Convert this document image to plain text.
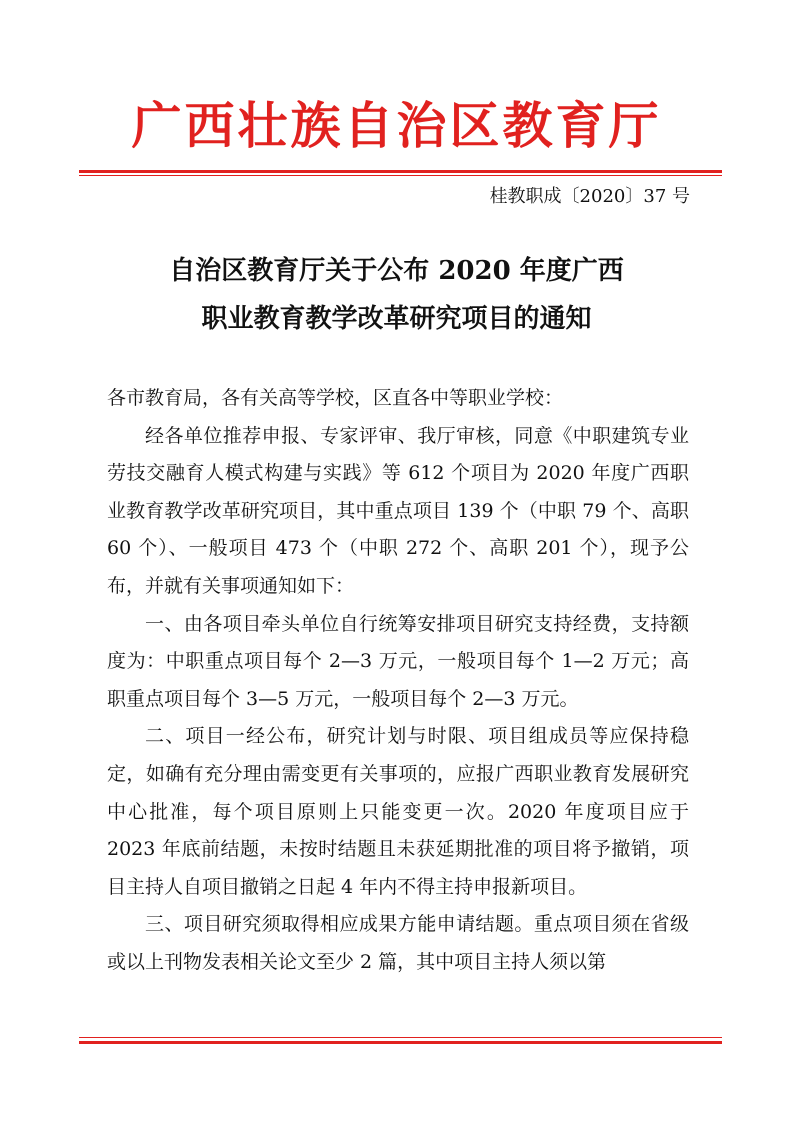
广西壮族自治区教育厅
桂教职成〔2020〕37 号
自治区教育厅关于公布 2020 年度广西
职业教育教学改革研究项目的通知

各市教育局，各有关高等学校，区直各中等职业学校：

经各单位推荐申报、专家评审、我厅审核，同意《中职建筑专业劳技交融育人模式构建与实践》等 612 个项目为 2020 年度广西职业教育教学改革研究项目，其中重点项目 139 个（中职 79 个、高职 60 个）、一般项目 473 个（中职 272 个、高职 201 个），现予公布，并就有关事项通知如下：

一、由各项目牵头单位自行统筹安排项目研究支持经费，支持额度为：中职重点项目每个 2—3 万元，一般项目每个 1—2 万元；高职重点项目每个 3—5 万元，一般项目每个 2—3 万元。

二、项目一经公布，研究计划与时限、项目组成员等应保持稳定，如确有充分理由需变更有关事项的，应报广西职业教育发展研究中心批准，每个项目原则上只能变更一次。2020 年度项目应于 2023 年底前结题，未按时结题且未获延期批准的项目将予撤销，项目主持人自项目撤销之日起 4 年内不得主持申报新项目。

三、项目研究须取得相应成果方能申请结题。重点项目须在省级或以上刊物发表相关论文至少 2 篇，其中项目主持人须以第
